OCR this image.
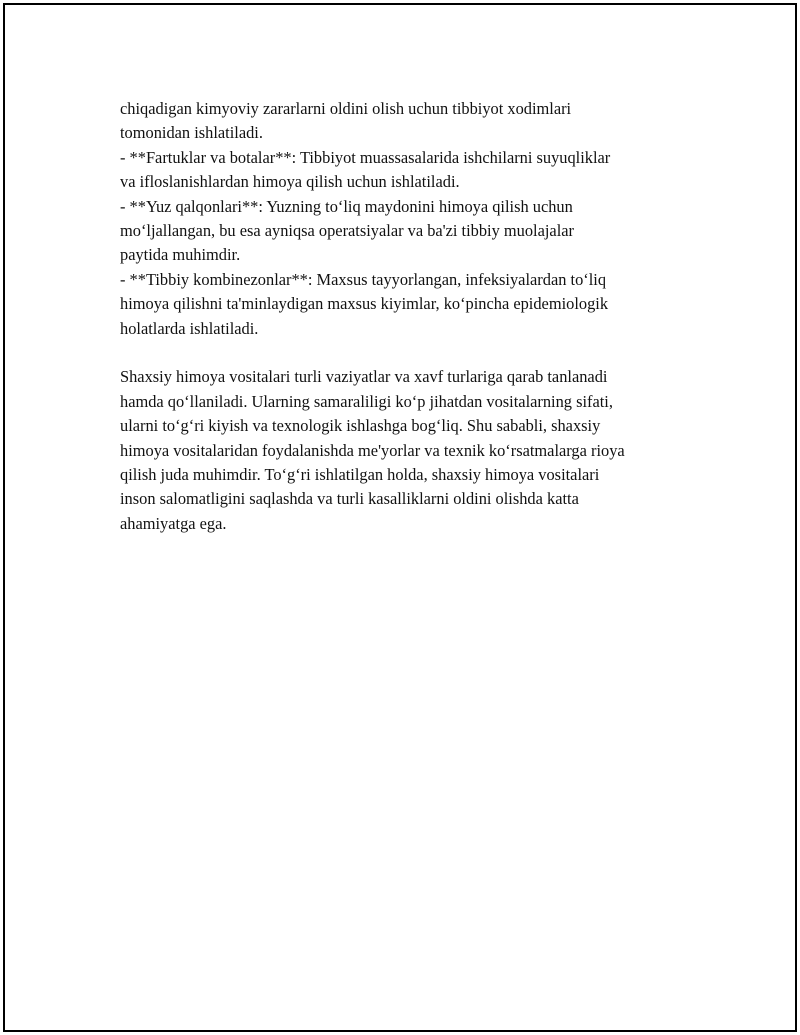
chiqadigan kimyoviy zararlarni oldini olish uchun tibbiyot xodimlari

tomonidan ishlatiladi.

- **Fartuklar va botalar**: Tibbiyot muassasalarida ishchilarni suyuqliklar

va ifloslanishlardan himoya qilish uchun ishlatiladi.

- **Yuz qalqonlari**: Yuzning to‘liq maydonini himoya qilish uchun

mo‘ljallangan, bu esa ayniqsa operatsiyalar va ba'zi tibbiy muolajalar

paytida muhimdir.

- **Tibbiy kombinezonlar**: Maxsus tayyorlangan, infeksiyalardan to‘liq

himoya qilishni ta'minlaydigan maxsus kiyimlar, ko‘pincha epidemiologik

holatlarda ishlatiladi.

Shaxsiy himoya vositalari turli vaziyatlar va xavf turlariga qarab tanlanadi

hamda qo‘llaniladi. Ularning samaraliligi ko‘p jihatdan vositalarning sifati,

ularni to‘g‘ri kiyish va texnologik ishlashga bog‘liq. Shu sababli, shaxsiy

himoya vositalaridan foydalanishda me'yorlar va texnik ko‘rsatmalarga rioya

qilish juda muhimdir. To‘g‘ri ishlatilgan holda, shaxsiy himoya vositalari

inson salomatligini saqlashda va turli kasalliklarni oldini olishda katta

ahamiyatga ega.
